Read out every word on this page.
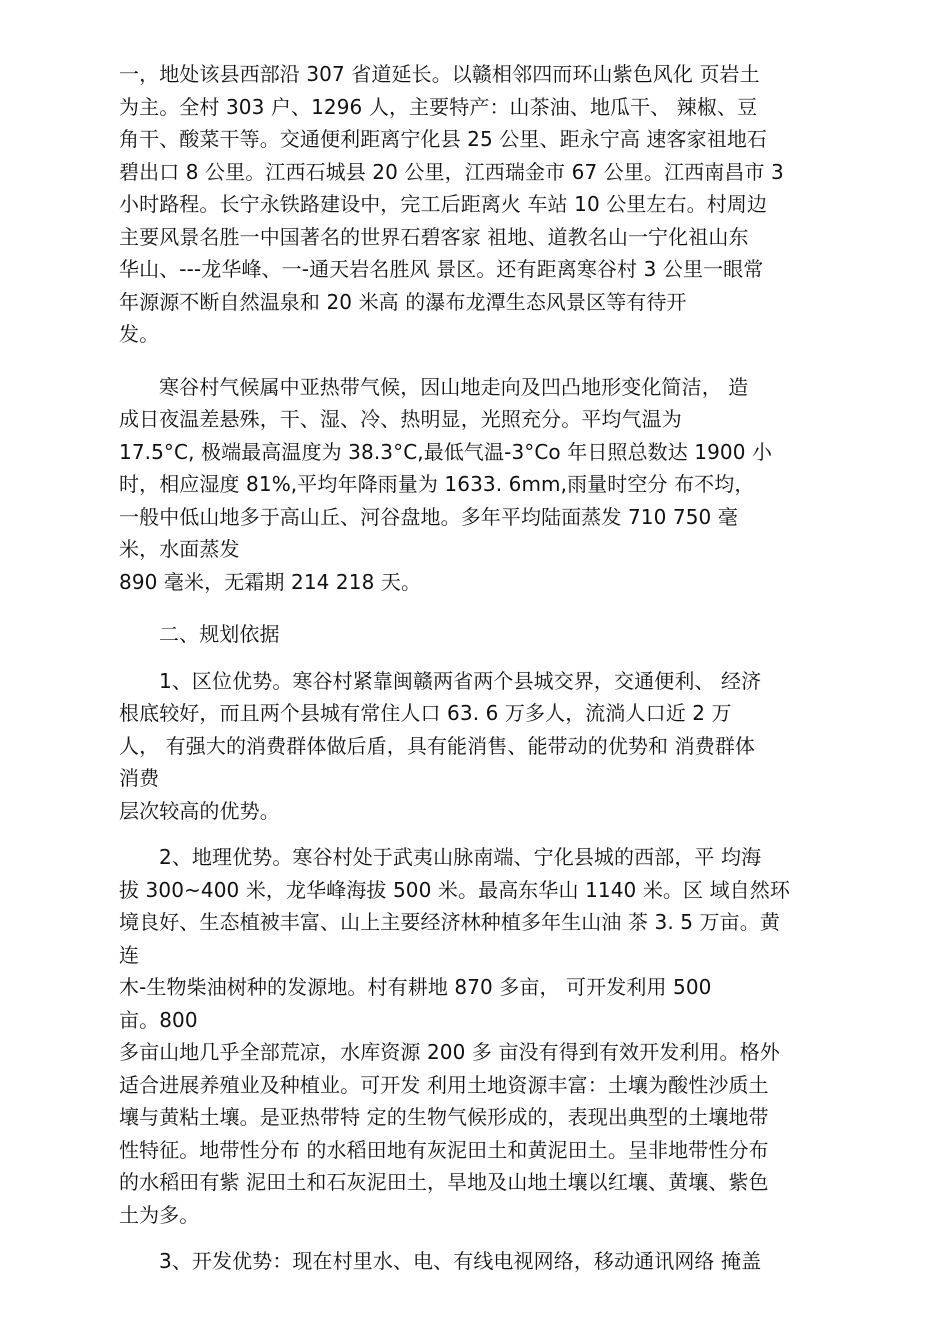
一，地处该县西部沿 307 省道延长。以赣相邻四而环山紫色风化 页岩土
为主。全村 303 户、1296 人，主要特产：山茶油、地瓜干、 辣椒、豆
角干、酸菜干等。交通便利距离宁化县 25 公里、距永宁高 速客家祖地石
碧出口 8 公里。江西石城县 20 公里，江西瑞金市 67 公里。江西南昌市 3
小时路程。长宁永铁路建设中，完工后距离火 车站 10 公里左右。村周边
主要风景名胜一中国著名的世界石碧客家 祖地、道教名山一宁化祖山东
华山、---龙华峰、一-通天岩名胜风 景区。还有距离寒谷村 3 公里一眼常
年源源不断自然温泉和 20 米高 的瀑布龙潭生态风景区等有待开
发。

寒谷村气候属中亚热带气候，因山地走向及凹凸地形变化简洁， 造
成日夜温差悬殊，干、湿、冷、热明显，光照充分。平均气温为
17.5°C, 极端最高温度为 38.3°C,最低气温-3°Co 年日照总数达 1900 小
时，相应湿度 81%,平均年降雨量为 1633. 6mm,雨量时空分 布不均，
一般中低山地多于高山丘、河谷盘地。多年平均陆面蒸发 710 750 毫
米，水面蒸发
890 毫米，无霜期 214 218 天。

二、规划依据

1、区位优势。寒谷村紧靠闽赣两省两个县城交界，交通便利、 经济
根底较好，而且两个县城有常住人口 63. 6 万多人，流淌人口近 2 万
人， 有强大的消费群体做后盾，具有能消售、能带动的优势和 消费群体
消费
层次较高的优势。

2、地理优势。寒谷村处于武夷山脉南端、宁化县城的西部，平 均海
拔 300~400 米，龙华峰海拔 500 米。最高东华山 1140 米。区 域自然环
境良好、生态植被丰富、山上主要经济林种植多年生山油 茶 3. 5 万亩。黄
连
木-生物柴油树种的发源地。村有耕地 870 多亩， 可开发利用 500
亩。800
多亩山地几乎全部荒凉，水库资源 200 多 亩没有得到有效开发利用。格外
适合进展养殖业及种植业。可开发 利用土地资源丰富：土壤为酸性沙质土
壤与黄粘土壤。是亚热带特 定的生物气候形成的，表现出典型的土壤地带
性特征。地带性分布 的水稻田地有灰泥田土和黄泥田土。呈非地带性分布
的水稻田有紫 泥田土和石灰泥田土，旱地及山地土壤以红壤、黄壤、紫色
土为多。

3、开发优势：现在村里水、电、有线电视网络，移动通讯网络 掩盖
